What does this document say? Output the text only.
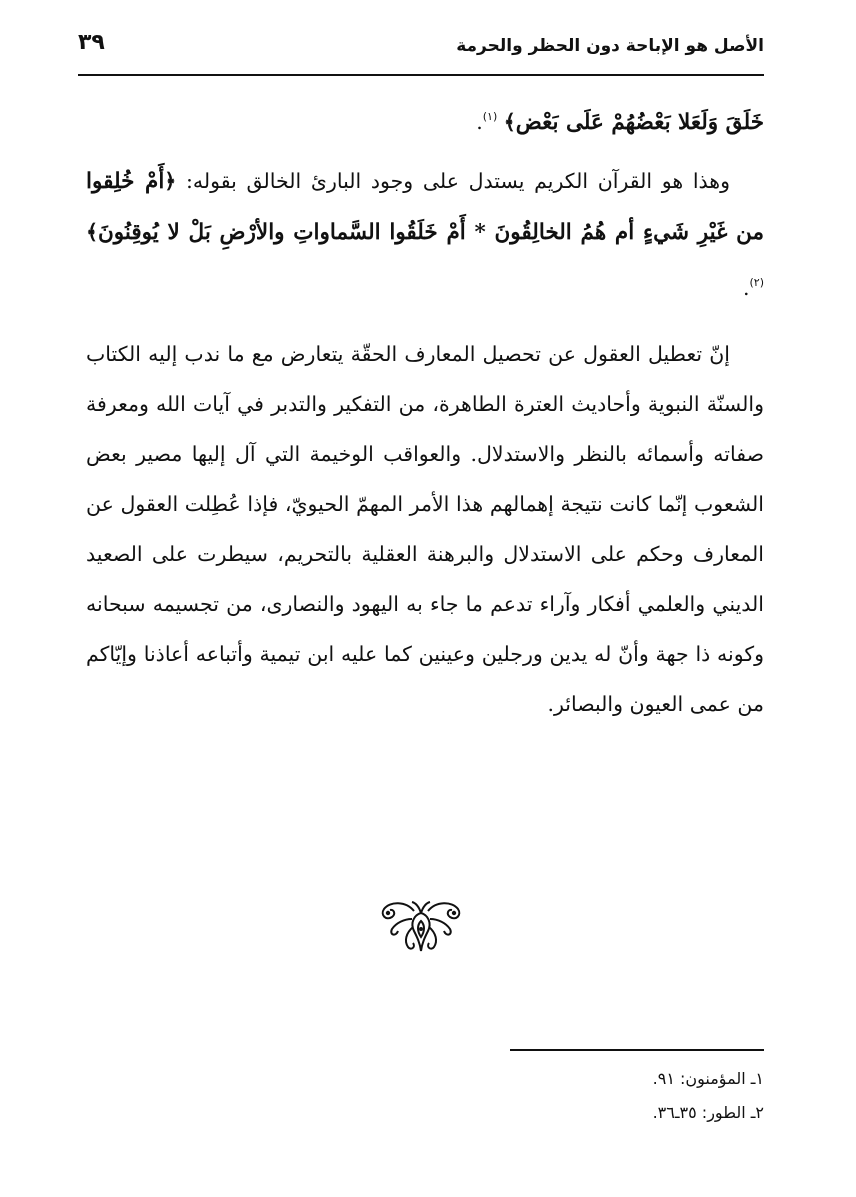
الأصل هو الإباحة دون الحظر والحرمة
٣٩

خَلَقَ وَلَعَلا بَعْضُهُمْ عَلَى بَعْض﴾ $^{(١)}$.

وهذا هو القرآن الكريم يستدل على وجود البارئ الخالق بقوله: ﴿أَمْ خُلِقوا من غَيْرِ شَيءٍ أم هُمُ الخالِقُونَ * أَمْ خَلَقُوا السَّماواتِ والأرْضِ بَلْ لا يُوقِنُونَ﴾ $^{(٢)}$.

إنّ تعطيل العقول عن تحصيل المعارف الحقّة يتعارض مع ما ندب إليه الكتاب والسنّة النبوية وأحاديث العترة الطاهرة، من التفكير والتدبر في آيات الله ومعرفة صفاته وأسمائه بالنظر والاستدلال. والعواقب الوخيمة التي آل إليها مصير بعض الشعوب إنّما كانت نتيجة إهمالهم هذا الأمر المهمّ الحيويّ، فإذا عُطِلت العقول عن المعارف وحكم على الاستدلال والبرهنة العقلية بالتحريم، سيطرت على الصعيد الديني والعلمي أفكار وآراء تدعم ما جاء به اليهود والنصارى، من تجسيمه سبحانه وكونه ذا جهة وأنّ له يدين ورجلين وعينين كما عليه ابن تيمية وأتباعه أعاذنا وإيّاكم من عمى العيون والبصائر.

١ـ المؤمنون: ٩١.
٢ـ الطور: ٣٥ـ٣٦.
